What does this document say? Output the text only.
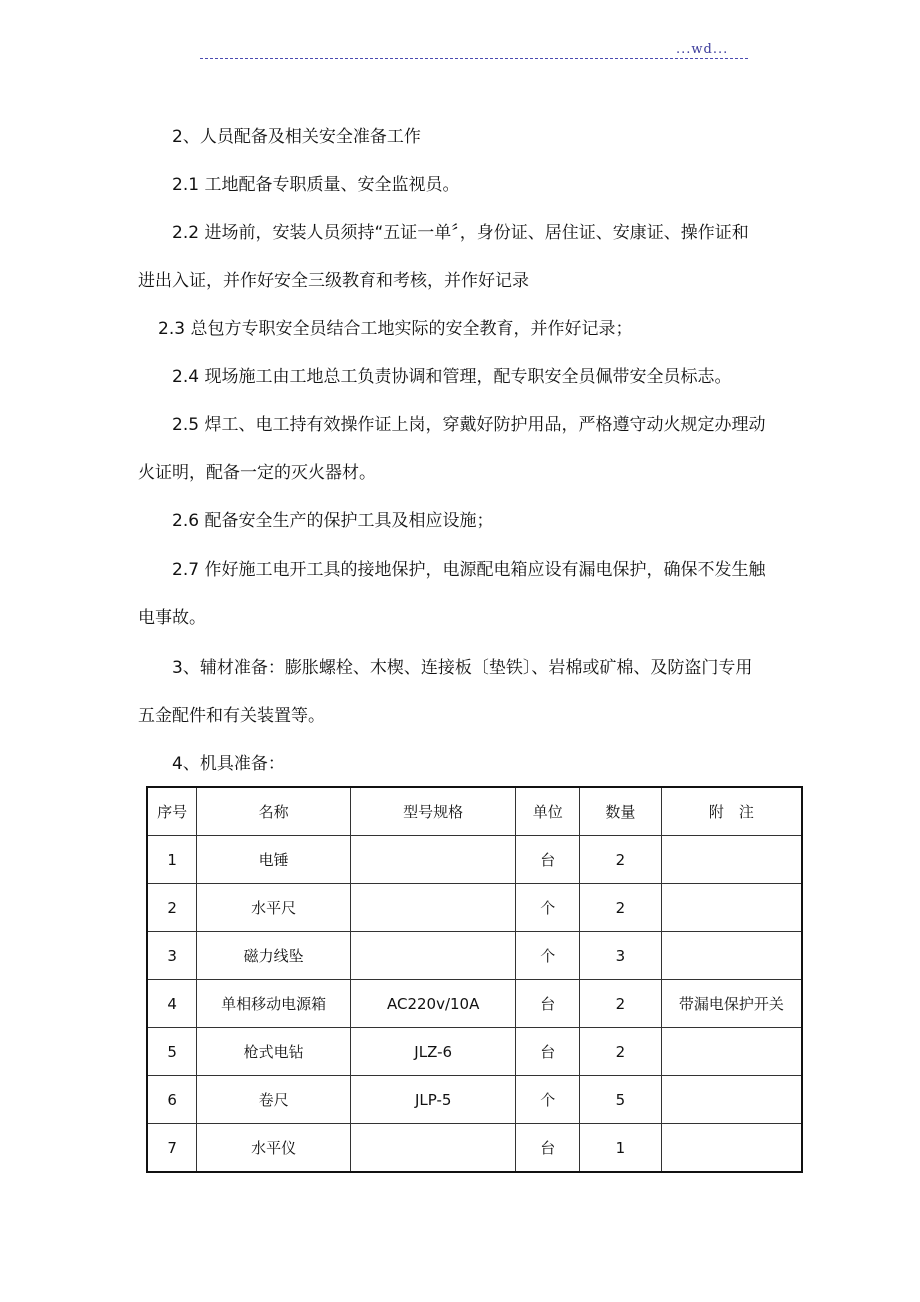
...wd...
2、人员配备及相关安全准备工作
2.1 工地配备专职质量、安全监视员。
2.2 进场前，安装人员须持“五证一单〞，身份证、居住证、安康证、操作证和
进出入证，并作好安全三级教育和考核，并作好记录
2.3 总包方专职安全员结合工地实际的安全教育，并作好记录；
2.4 现场施工由工地总工负责协调和管理，配专职安全员佩带安全员标志。
2.5 焊工、电工持有效操作证上岗，穿戴好防护用品，严格遵守动火规定办理动
火证明，配备一定的灭火器材。
2.6 配备安全生产的保护工具及相应设施；
2.7 作好施工电开工具的接地保护，电源配电箱应设有漏电保护，确保不发生触
电事故。
3、辅材准备：膨胀螺栓、木楔、连接板〔垫铁〕、岩棉或矿棉、及防盗门专用
五金配件和有关装置等。
4、机具准备：
序号	名称	型号规格	单位	数量	附　注
1	电锤		台	2	
2	水平尺		个	2	
3	磁力线坠		个	3	
4	单相移动电源箱	AC220v/10A	台	2	带漏电保护开关
5	枪式电钻	JLZ-6	台	2	
6	卷尺	JLP-5	个	5	
7	水平仪		台	1	
